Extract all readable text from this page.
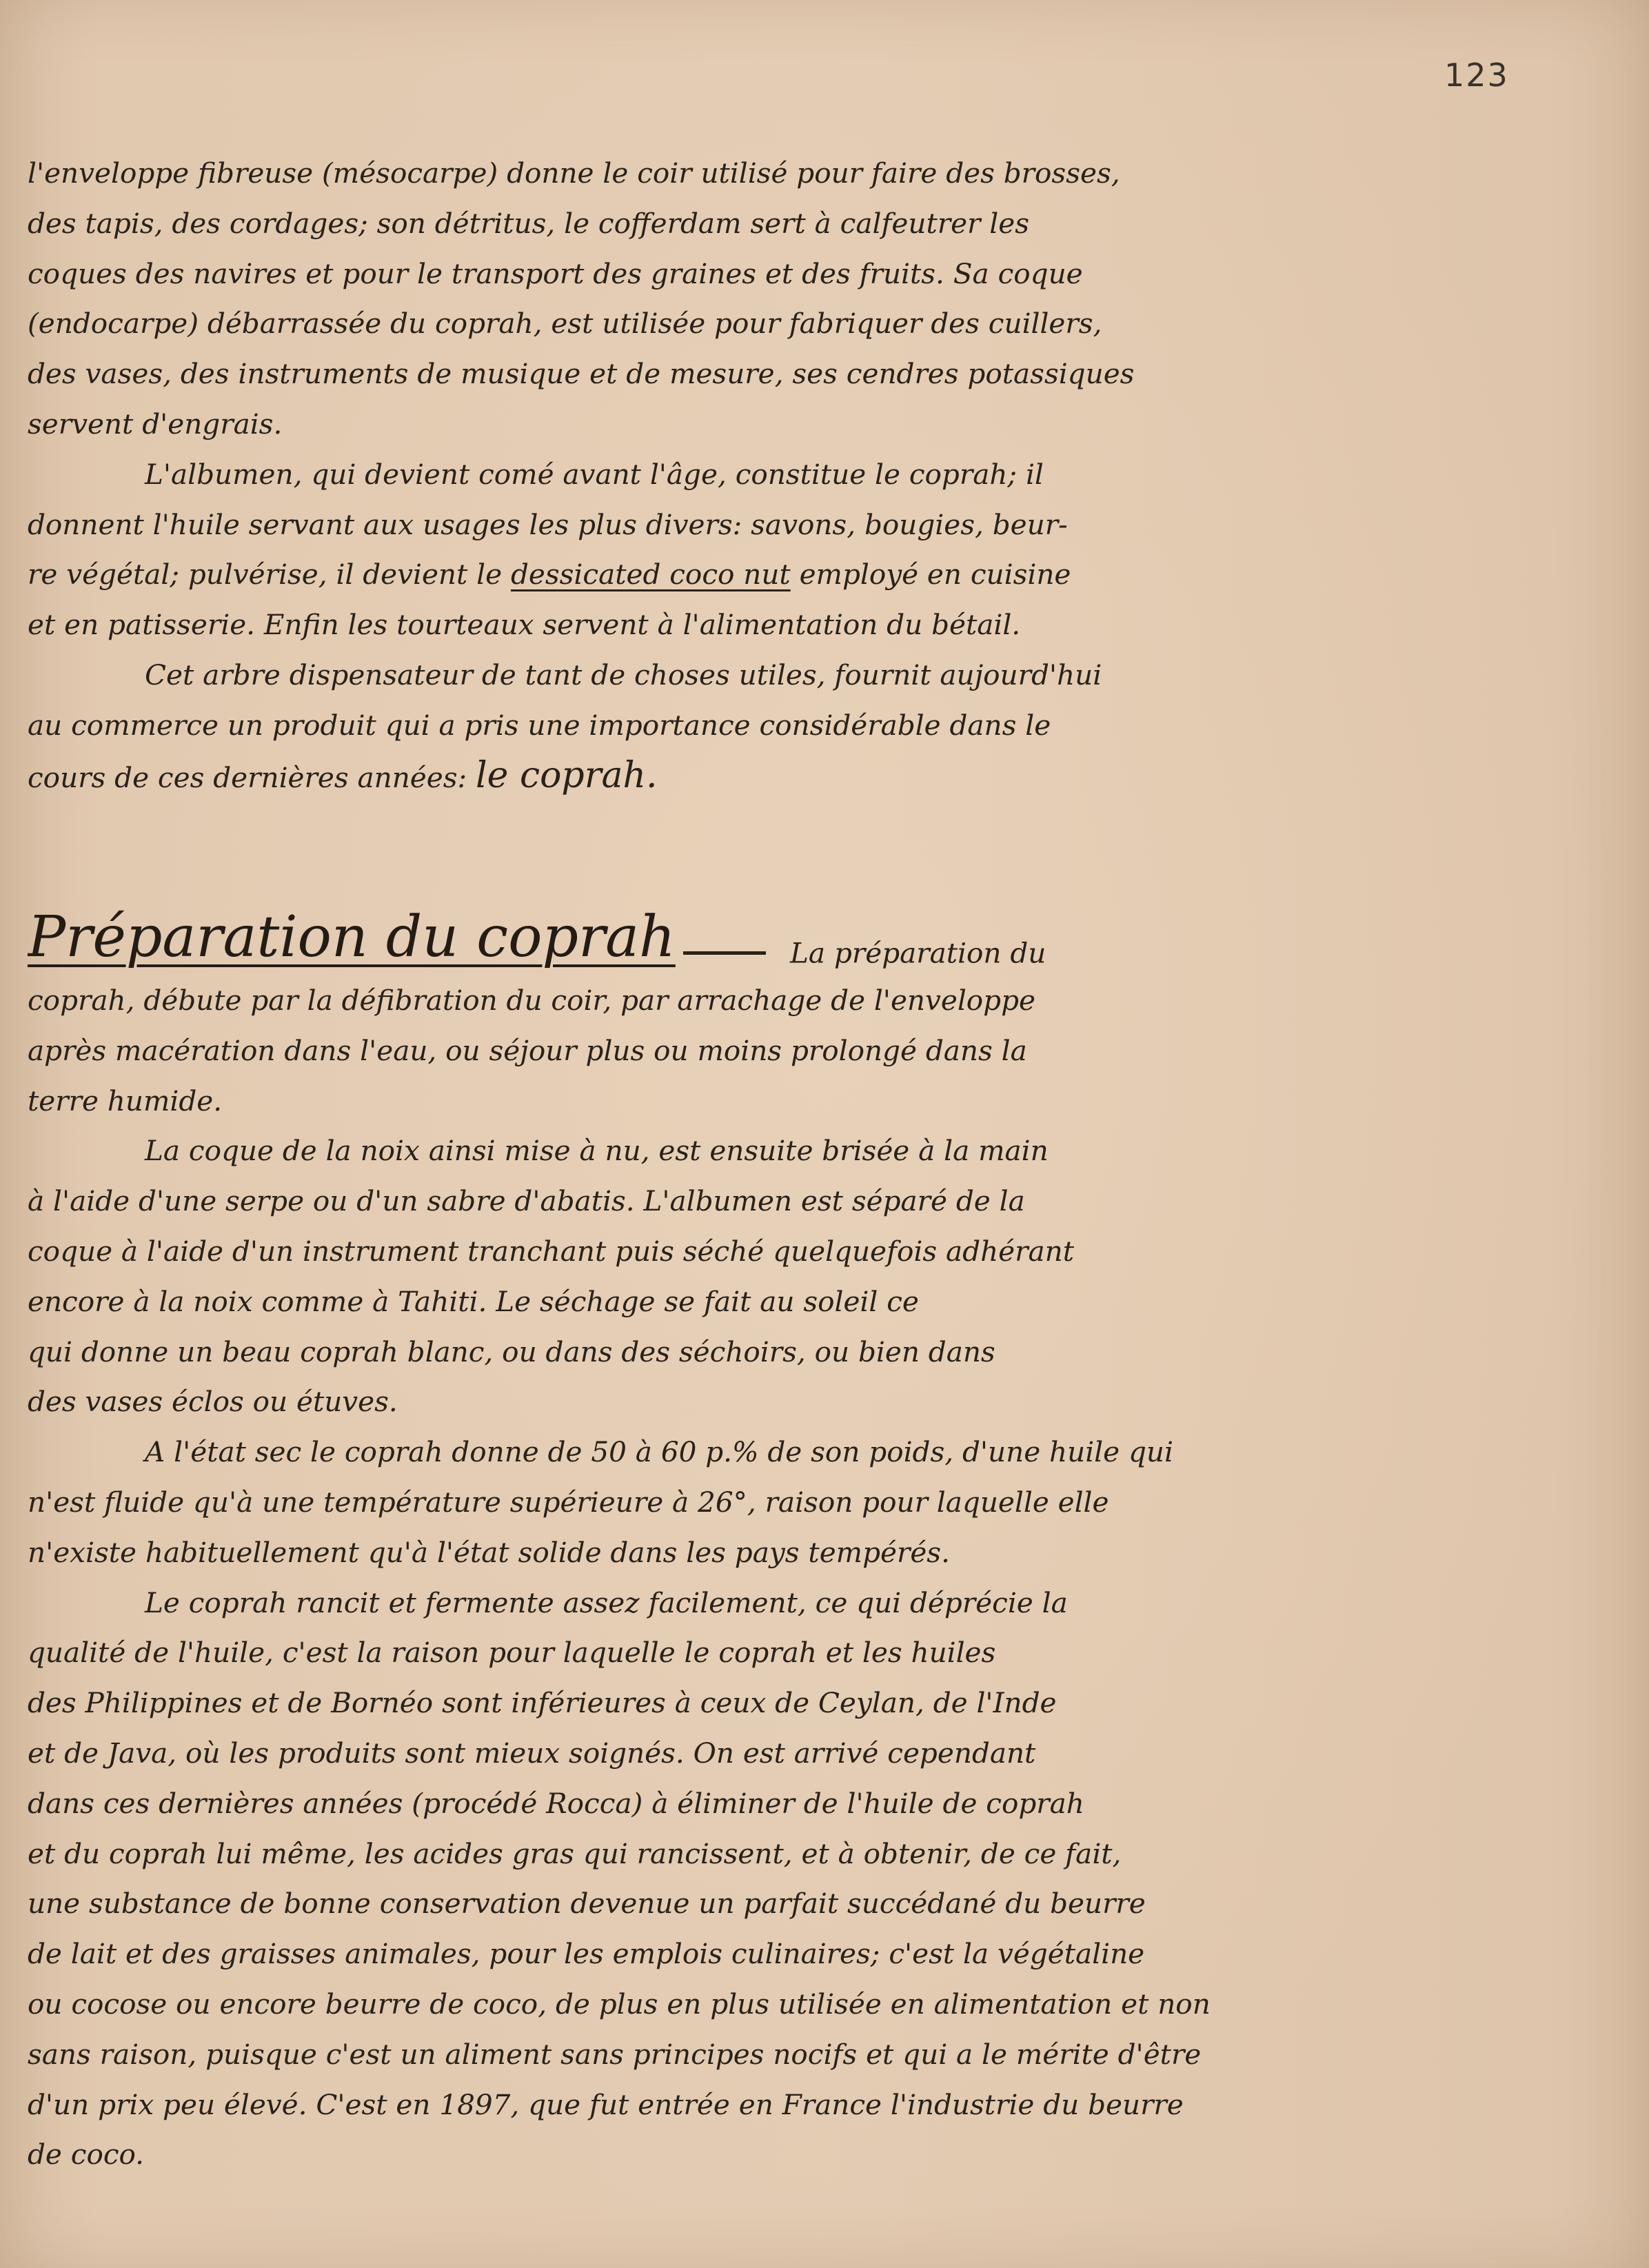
123
l'enveloppe fibreuse (mésocarpe) donne le coir utilisé pour faire des brosses,
des tapis, des cordages; son détritus, le cofferdam sert à calfeutrer les
coques des navires et pour le transport des graines et des fruits. Sa coque
(endocarpe) débarrassée du coprah, est utilisée pour fabriquer des cuillers,
des vases, des instruments de musique et de mesure, ses cendres potassiques
servent d'engrais.
L'albumen, qui devient comé avant l'âge, constitue le coprah; il
donnent l'huile servant aux usages les plus divers: savons, bougies, beur-
re végétal; pulvérise, il devient le dessicated coco nut employé en cuisine
et en patisserie. Enfin les tourteaux servent à l'alimentation du bétail.
Cet arbre dispensateur de tant de choses utiles, fournit aujourd'hui
au commerce un produit qui a pris une importance considérable dans le
cours de ces dernières années: le coprah.
Préparation du coprah	La préparation du
coprah, débute par la défibration du coir, par arrachage de l'enveloppe
après macération dans l'eau, ou séjour plus ou moins prolongé dans la
terre humide.
La coque de la noix ainsi mise à nu, est ensuite brisée à la main
à l'aide d'une serpe ou d'un sabre d'abatis. L'albumen est séparé de la
coque à l'aide d'un instrument tranchant puis séché quelquefois adhérant
encore à la noix comme à Tahiti. Le séchage se fait au soleil ce
qui donne un beau coprah blanc, ou dans des séchoirs, ou bien dans
des vases éclos ou étuves.
A l'état sec le coprah donne de 50 à 60 p.% de son poids, d'une huile qui
n'est fluide qu'à une température supérieure à 26°, raison pour laquelle elle
n'existe habituellement qu'à l'état solide dans les pays tempérés.
Le coprah rancit et fermente assez facilement, ce qui déprécie la
qualité de l'huile, c'est la raison pour laquelle le coprah et les huiles
des Philippines et de Bornéo sont inférieures à ceux de Ceylan, de l'Inde
et de Java, où les produits sont mieux soignés. On est arrivé cependant
dans ces dernières années (procédé Rocca) à éliminer de l'huile de coprah
et du coprah lui même, les acides gras qui rancissent, et à obtenir, de ce fait,
une substance de bonne conservation devenue un parfait succédané du beurre
de lait et des graisses animales, pour les emplois culinaires; c'est la végétaline
ou cocose ou encore beurre de coco, de plus en plus utilisée en alimentation et non
sans raison, puisque c'est un aliment sans principes nocifs et qui a le mérite d'être
d'un prix peu élevé. C'est en 1897, que fut entrée en France l'industrie du beurre
de coco.
